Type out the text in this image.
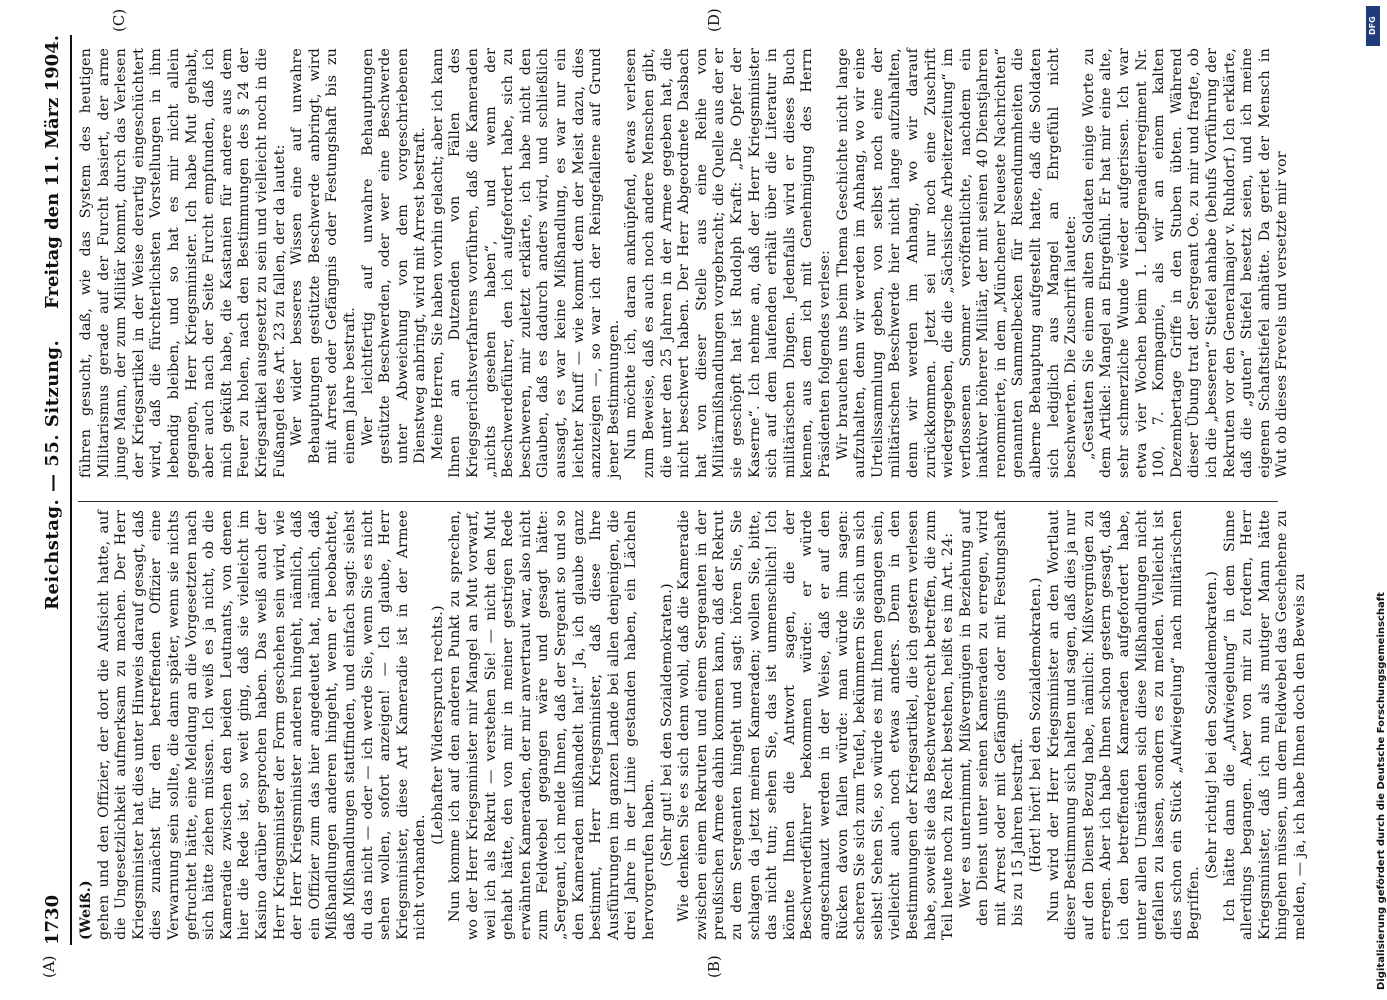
1730
Reichstag. — 55. Sitzung.
Freitag den 11. März 1904.
(A)	(B)
(C)	(D)

(Weiß.) gehen und den Offizier, der dort die Aufsicht hatte, auf die Ungesetzlichkeit aufmerksam zu machen. Der Herr Kriegsminister hat dies unter Hinweis darauf gesagt, daß dies zunächst für den betreffenden Offizier eine Verwarnung sein sollte, die dann später, wenn sie nichts gefruchtet hätte, eine Meldung an die Vorgesetzten nach sich hätte ziehen müssen. Ich weiß es ja nicht, ob die Kameradie zwischen den beiden Leutnants, von denen hier die Rede ist, so weit ging, daß sie vielleicht im Kasino darüber gesprochen haben. Das weiß auch der Herr Kriegsminister der Form geschehen sein wird, wie der Herr Kriegsminister anderen hingeht, nämlich, daß ein Offizier zum das hier angedeutet hat, nämlich, daß Mißhandlungen anderen hingeht, wenn er beobachtet, daß Mißhandlungen stattfinden, und einfach sagt: siehst du das nicht — oder — ich werde Sie, wenn Sie es nicht sehen wollen, sofort anzeigen! — Ich glaube, Herr Kriegsminister, diese Art Kameradie ist in der Armee nicht vorhanden.

(Lebhafter Widerspruch rechts.) Nun komme ich auf den anderen Punkt zu sprechen, wo der Herr Kriegsminister mir Mangel an Mut vorwarf, weil ich als Rekrut — verstehen Sie! — nicht den Mut gehabt hätte, den von mir in meiner gestrigen Rede erwähnten Kameraden, der mir anvertraut war, also nicht zum Feldwebel gegangen wäre und gesagt hätte: „Sergeant, ich melde Ihnen, daß der Sergeant so und so den Kameraden mißhandelt hat!“ Ja, ich glaube ganz bestimmt, Herr Kriegsminister, daß diese Ihre Ausführungen im ganzen Lande bei allen denjenigen, die drei Jahre in der Linie gestanden haben, ein Lächeln hervorgerufen haben. (Sehr gut! bei den Sozialdemokraten.) Wie denken Sie es sich denn wohl, daß die Kameradie zwischen einem Rekruten und einem Sergeanten in der preußischen Armee dahin kommen kann, daß der Rekrut zu dem Sergeanten hingeht und sagt: hören Sie, Sie schlagen da jetzt meinen Kameraden; wollen Sie, bitte, das nicht tun; sehen Sie, das ist unmenschlich! Ich könnte Ihnen die Antwort sagen, die der Beschwerdeführer bekommen würde: er würde angeschnauzt werden in der Weise, daß er auf den Rücken davon fallen würde: man würde ihm sagen: scheren Sie sich zum Teufel, bekümmern Sie sich um sich selbst! Sehen Sie, so würde es mit Ihnen gegangen sein, vielleicht auch noch etwas anders. Denn in den Bestimmungen der Kriegsartikel, die ich gestern verlesen habe, soweit sie das Beschwerderecht betreffen, die zum Teil heute noch zu Recht bestehen, heißt es im Art. 24: Wer es unternimmt, Mißvergnügen in Beziehung auf den Dienst unter seinen Kameraden zu erregen, wird mit Arrest oder mit Gefängnis oder mit Festungshaft bis zu 15 Jahren bestraft. (Hört! hört! bei den Sozialdemokraten.) Nun wird der Herr Kriegsminister an den Wortlaut dieser Bestimmung sich halten und sagen, daß dies ja nur auf den Dienst Bezug habe, nämlich: Mißvergnügen zu erregen. Aber ich habe Ihnen schon gestern gesagt, daß ich den betreffenden Kameraden aufgefordert habe, unter allen Umständen sich diese Mißhandlungen nicht gefallen zu lassen, sondern es zu melden. Vielleicht ist dies schon ein Stück „Aufwiegelung“ nach militärischen Begriffen.

(Sehr richtig! bei den Sozialdemokraten.) Ich hätte dann die „Aufwiegelung“ in dem Sinne allerdings begangen. Aber von mir zu fordern, Herr Kriegsminister, daß ich nun als mutiger Mann hätte hingehen müssen, um dem Feldwebel das Geschehene zu melden, — ja, ich habe Ihnen doch den Beweis zu

führen gesucht, daß, wie das System des heutigen Militarismus gerade auf der Furcht basiert, der arme junge Mann, der zum Militär kommt, durch das Verlesen der Kriegsartikel in der Weise derartig eingeschüchtert wird, daß die fürchterlichsten Vorstellungen in ihm lebendig bleiben, und so hat es mir nicht allein gegangen, Herr Kriegsminister. Ich habe Mut gehabt, aber auch nach der Seite Furcht empfunden, daß ich mich geküßt habe, die Kastanien für andere aus dem Feuer zu holen, nach den Bestimmungen des § 24 der Kriegsartikel ausgesetzt zu sein und vielleicht noch in die Fußangel des Art. 23 zu fallen, der da lautet: Wer wider besseres Wissen eine auf unwahre Behauptungen gestützte Beschwerde anbringt, wird mit Arrest oder Gefängnis oder Festungshaft bis zu einem Jahre bestraft. Wer leichtfertig auf unwahre Behauptungen gestützte Beschwerden, oder wer eine Beschwerde unter Abweichung von dem vorgeschriebenen Dienstweg anbringt, wird mit Arrest bestraft. Meine Herren, Sie haben vorhin gelacht; aber ich kann Ihnen an Dutzenden von Fällen des Kriegsgerichtsverfahrens vorführen, daß die Kameraden „nichts gesehen haben“, und wenn der Beschwerdeführer, den ich aufgefordert habe, sich zu beschweren, mir zuletzt erklärte, ich habe nicht den Glauben, daß es dadurch anders wird, und schließlich aussagt, es war keine Mißhandlung, es war nur ein leichter Knuff — wie kommt denn der Meist dazu, dies anzuzeigen —, so war ich der Reingefallene auf Grund jener Bestimmungen. Nun möchte ich, daran anknüpfend, etwas verlesen zum Beweise, daß es auch noch andere Menschen gibt, die unter den 25 Jahren in der Armee gegeben hat, die nicht beschwert haben. Der Herr Abgeordnete Dasbach hat von dieser Stelle aus eine Reihe von Militärmißhandlungen vorgebracht; die Quelle aus der er sie geschöpft hat ist Rudolph Kraft: „Die Opfer der Kaserne“. Ich nehme an, daß der Herr Kriegsminister sich auf dem laufenden erhält über die Literatur in militärischen Dingen. Jedenfalls wird er dieses Buch kennen, aus dem ich mit Genehmigung des Herrn Präsidenten folgendes verlese: Wir brauchen uns beim Thema Geschichte nicht lange aufzuhalten, denn wir werden im Anhang, wo wir eine Urteilssammlung geben, von selbst noch eine der militärischen Beschwerde hier nicht lange aufzuhalten, denn wir werden im Anhang, wo wir darauf zurückkommen. Jetzt sei nur noch eine Zuschrift wiedergegeben, die die „Sächsische Arbeiterzeitung“ im verflossenen Sommer veröffentlichte, nachdem ein inaktiver höherer Militär, der mit seinen 40 Dienstjahren renommierte, in dem „Münchener Neueste Nachrichten“ genannten Sammelbecken für Riesendummheiten die alberne Behauptung aufgestellt hatte, daß die Soldaten sich lediglich aus Mangel an Ehrgefühl nicht beschwerten. Die Zuschrift lautete: „Gestatten Sie einem alten Soldaten einige Worte zu dem Artikel: Mangel an Ehrgefühl. Er hat mir eine alte, sehr schmerzliche Wunde wieder aufgerissen. Ich war etwa vier Wochen beim 1. Leibgrenadierregiment Nr. 100, 7. Kompagnie, als wir an einem kalten Dezembertage Griffe in den Stuben übten. Während dieser Übung trat der Sergeant Oe. zu mir und fragte, ob ich die „besseren“ Stiefel anhabe (behufs Vorführung der Rekruten vor den Generalmajor v. Ruhdorf.) Ich erklärte, daß die „guten“ Stiefel besetzt seien, und ich meine eigenen Schaftstiefel anhätte. Da geriet der Mensch in Wut ob dieses Frevels und versetzte mir vor

Digitalisierung gefördert durch die Deutsche Forschungsgemeinschaft
DFG
